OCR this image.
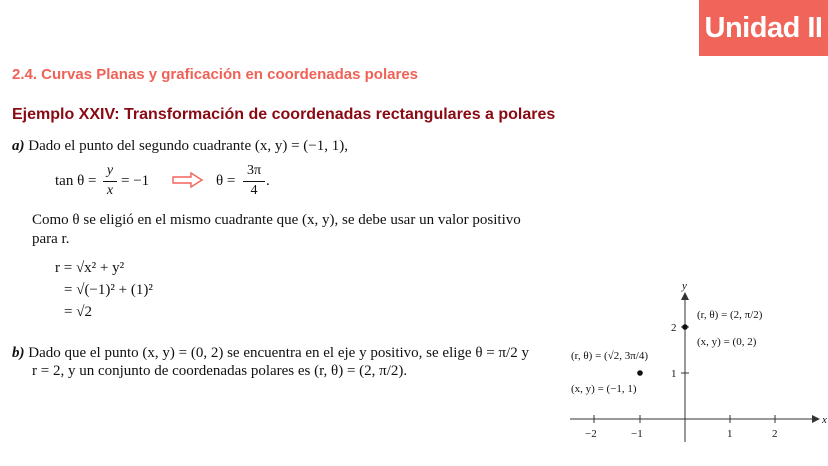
Unidad II
2.4. Curvas Planas y graficación en coordenadas polares
Ejemplo XXIV: Transformación de coordenadas rectangulares a polares
a) Dado el punto del segundo cuadrante (x, y) = (−1, 1),
tan θ =
y
x
= −1	θ =
3π
4
.
Como θ se eligió en el mismo cuadrante que (x, y), se debe usar un valor positivo
para r.
r = √x² + y²
= √(−1)² + (1)²
= √2
b) Dado que el punto (x, y) = (0, 2) se encuentra en el eje y positivo, se elige θ = π/2 y
r = 2, y un conjunto de coordenadas polares es (r, θ) = (2, π/2).
x
y
−2	−1	1	2
1
2
(r, θ) = (√2, 3π/4)
(x, y) = (−1, 1)
(r, θ) = (2, π/2)
(x, y) = (0, 2)
